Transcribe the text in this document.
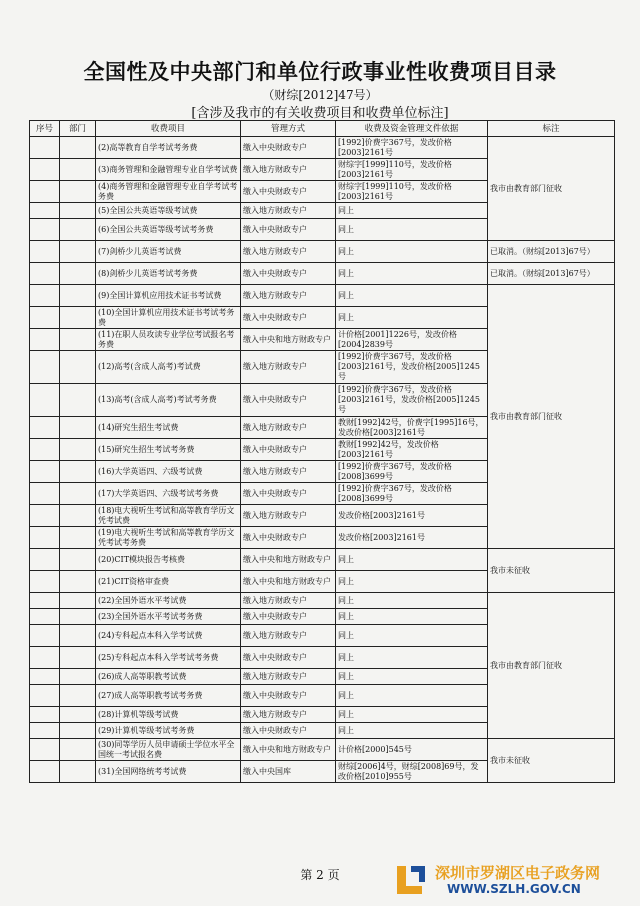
全国性及中央部门和单位行政事业性收费项目目录
（财综[2012]47号）
[含涉及我市的有关收费项目和收费单位标注]
序号	部门	收费项目	管理方式	收费及资金管理文件依据	标注
		(2)高等教育自学考试考务费	缴入中央财政专户	[1992]价费字367号，发改价格[2003]2161号	我市由教育部门征收
		(3)商务管理和金融管理专业自学考试费	缴入地方财政专户	财综字[1999]110号，发改价格[2003]2161号	
		(4)商务管理和金融管理专业自学考试考务费	缴入中央财政专户	财综字[1999]110号，发改价格[2003]2161号	
		(5)全国公共英语等级考试费	缴入地方财政专户	同上	
		(6)全国公共英语等级考试考务费	缴入中央财政专户	同上	
		(7)剑桥少儿英语考试费	缴入地方财政专户	同上	已取消。（财综[2013]67号）
		(8)剑桥少儿英语考试考务费	缴入中央财政专户	同上	已取消。（财综[2013]67号）
		(9)全国计算机应用技术证书考试费	缴入地方财政专户	同上	我市由教育部门征收
		(10)全国计算机应用技术证书考试考务费	缴入中央财政专户	同上	
		(11)在职人员攻读专业学位考试报名考务费	缴入中央和地方财政专户	计价格[2001]1226号，发改价格[2004]2839号	
		(12)高考(含成人高考)考试费	缴入地方财政专户	[1992]价费字367号，发改价格[2003]2161号，发改价格[2005]1245号	
		(13)高考(含成人高考)考试考务费	缴入中央财政专户	[1992]价费字367号，发改价格[2003]2161号，发改价格[2005]1245号	
		(14)研究生招生考试费	缴入地方财政专户	教财[1992]42号，价费字[1995]16号，发改价格[2003]2161号	
		(15)研究生招生考试考务费	缴入中央财政专户	教财[1992]42号，发改价格[2003]2161号	
		(16)大学英语四、六级考试费	缴入地方财政专户	[1992]价费字367号，发改价格[2008]3699号	
		(17)大学英语四、六级考试考务费	缴入中央财政专户	[1992]价费字367号，发改价格[2008]3699号	
		(18)电大视听生考试和高等教育学历文凭考试费	缴入地方财政专户	发改价格[2003]2161号	
		(19)电大视听生考试和高等教育学历文凭考试考务费	缴入中央财政专户	发改价格[2003]2161号	
		(20)CIT模块报告考核费	缴入中央和地方财政专户	同上	我市未征收
		(21)CIT资格审查费	缴入中央和地方财政专户	同上	
		(22)全国外语水平考试费	缴入地方财政专户	同上	我市由教育部门征收
		(23)全国外语水平考试考务费	缴入中央财政专户	同上	
		(24)专科起点本科入学考试费	缴入地方财政专户	同上	
		(25)专科起点本科入学考试考务费	缴入中央财政专户	同上	
		(26)成人高等职教考试费	缴入地方财政专户	同上	
		(27)成人高等职教考试考务费	缴入中央财政专户	同上	
		(28)计算机等级考试费	缴入地方财政专户	同上	
		(29)计算机等级考试考务费	缴入中央财政专户	同上	
		(30)同等学历人员申请硕士学位水平全国统一考试报名费	缴入中央和地方财政专户	计价格[2000]545号	我市未征收
		(31)全国网络统考考试费	缴入中央国库	财综[2006]4号，财综[2008]69号，发改价格[2010]955号	
第 2 页	深圳市罗湖区电子政务网
WWW.SZLH.GOV.CN
